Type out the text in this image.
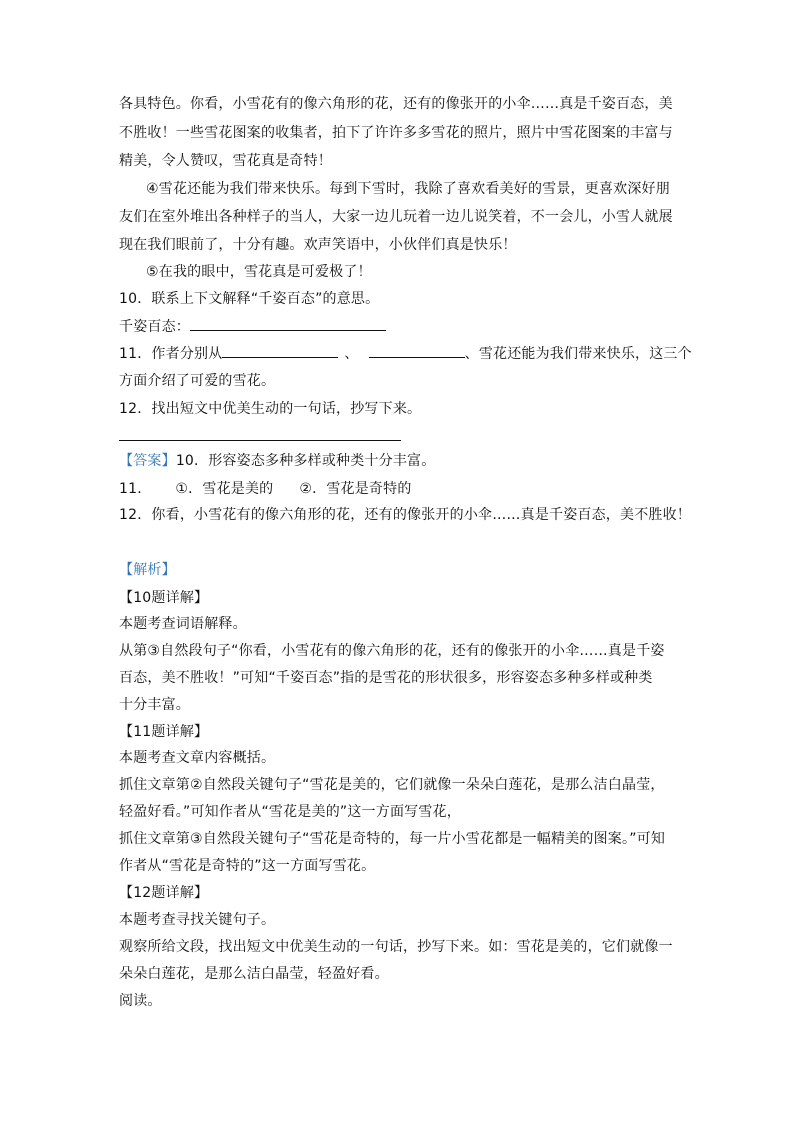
各具特色。你看，小雪花有的像六角形的花，还有的像张开的小伞……真是千姿百态，美
不胜收！一些雪花图案的收集者，拍下了许许多多雪花的照片，照片中雪花图案的丰富与
精美，令人赞叹，雪花真是奇特！
④雪花还能为我们带来快乐。每到下雪时，我除了喜欢看美好的雪景，更喜欢深好朋
友们在室外堆出各种样子的当人，大家一边儿玩着一边儿说笑着，不一会儿，小雪人就展
现在我们眼前了，十分有趣。欢声笑语中，小伙伴们真是快乐！
⑤在我的眼中，雪花真是可爱极了！
10．联系上下文解释“千姿百态”的意思。
千姿百态：
11．作者分别从	、	、雪花还能为我们带来快乐，这三个
方面介绍了可爱的雪花。
12．找出短文中优美生动的一句话，抄写下来。
【答案】10．形容姿态多种多样或种类十分丰富。
11． ①．雪花是美的 ②．雪花是奇特的
12．你看，小雪花有的像六角形的花，还有的像张开的小伞……真是千姿百态，美不胜收！
【解析】
【10题详解】
本题考查词语解释。
从第③自然段句子“你看，小雪花有的像六角形的花，还有的像张开的小伞……真是千姿
百态，美不胜收！”可知“千姿百态”指的是雪花的形状很多，形容姿态多种多样或种类
十分丰富。
【11题详解】
本题考查文章内容概括。
抓住文章第②自然段关键句子“雪花是美的，它们就像一朵朵白莲花，是那么洁白晶莹，
轻盈好看。”可知作者从“雪花是美的”这一方面写雪花，
抓住文章第③自然段关键句子“雪花是奇特的，每一片小雪花都是一幅精美的图案。”可知
作者从“雪花是奇特的”这一方面写雪花。
【12题详解】
本题考查寻找关键句子。
观察所给文段，找出短文中优美生动的一句话，抄写下来。如：雪花是美的，它们就像一
朵朵白莲花，是那么洁白晶莹，轻盈好看。
阅读。
